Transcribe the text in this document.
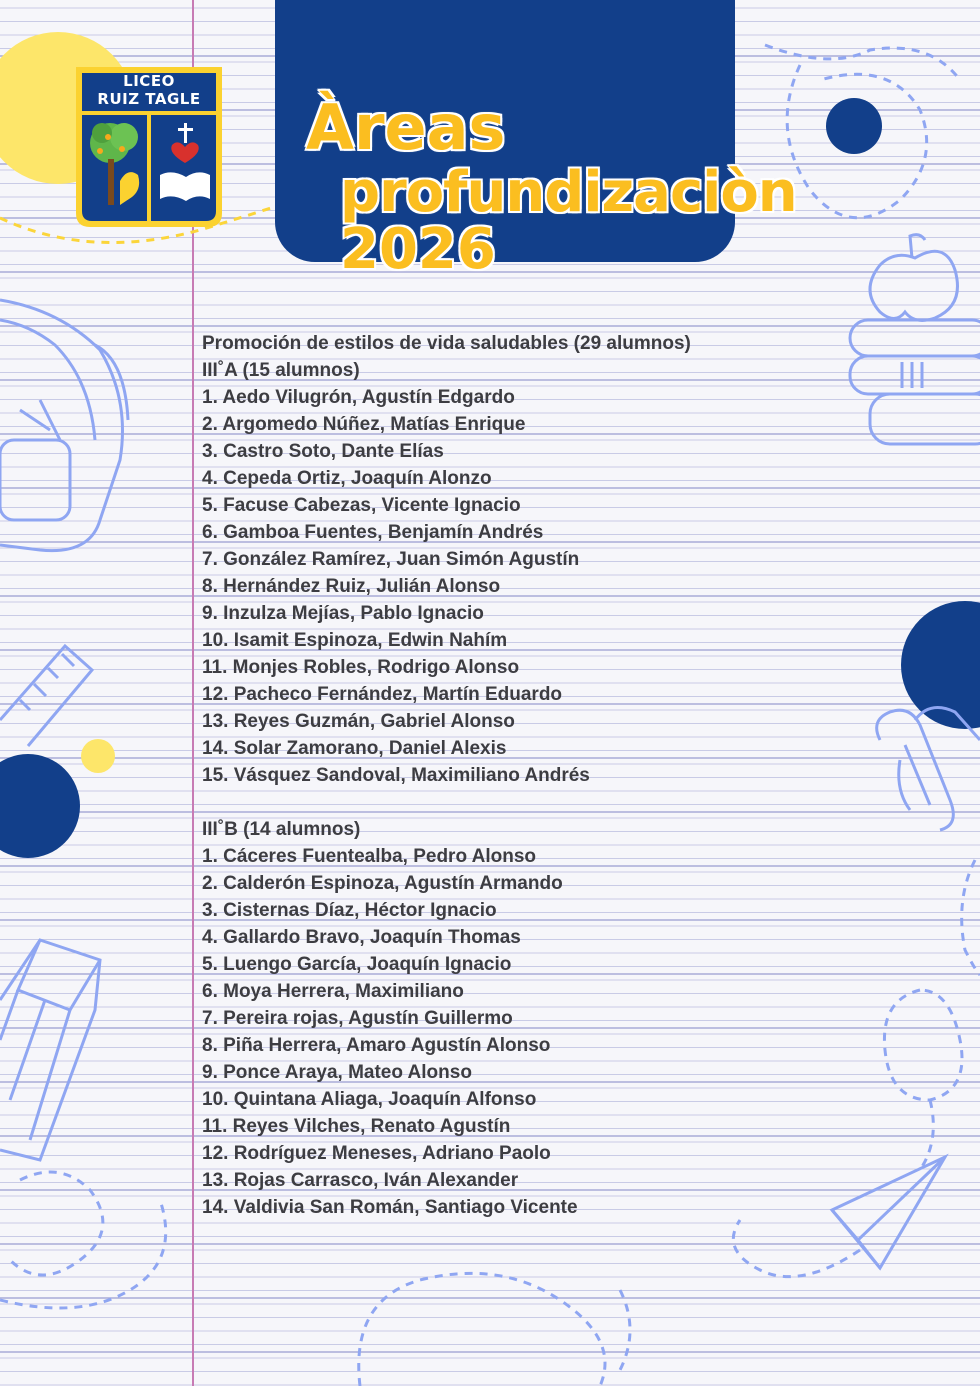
LICEO
RUIZ TAGLE	Àreas
profundizaciòn
2026
Promoción de estilos de vida saludables (29 alumnos)
III˚A (15 alumnos)
1. Aedo Vilugrón, Agustín Edgardo
2. Argomedo Núñez, Matías Enrique
3. Castro Soto, Dante Elías
4. Cepeda Ortiz, Joaquín Alonzo
5. Facuse Cabezas, Vicente Ignacio
6. Gamboa Fuentes, Benjamín Andrés
7. González Ramírez, Juan Simón Agustín
8. Hernández Ruiz, Julián Alonso
9. Inzulza Mejías, Pablo Ignacio
10. Isamit Espinoza, Edwin Nahím
11. Monjes Robles, Rodrigo Alonso
12. Pacheco Fernández, Martín Eduardo
13. Reyes Guzmán, Gabriel Alonso
14. Solar Zamorano, Daniel Alexis
15. Vásquez Sandoval, Maximiliano Andrés
III˚B (14 alumnos)
1. Cáceres Fuentealba, Pedro Alonso
2. Calderón Espinoza, Agustín Armando
3. Cisternas Díaz, Héctor Ignacio
4. Gallardo Bravo, Joaquín Thomas
5. Luengo García, Joaquín Ignacio
6. Moya Herrera, Maximiliano
7. Pereira rojas, Agustín Guillermo
8. Piña Herrera, Amaro Agustín Alonso
9. Ponce Araya, Mateo Alonso
10. Quintana Aliaga, Joaquín Alfonso
11. Reyes Vilches, Renato Agustín
12. Rodríguez Meneses, Adriano Paolo
13. Rojas Carrasco, Iván Alexander
14. Valdivia San Román, Santiago Vicente
